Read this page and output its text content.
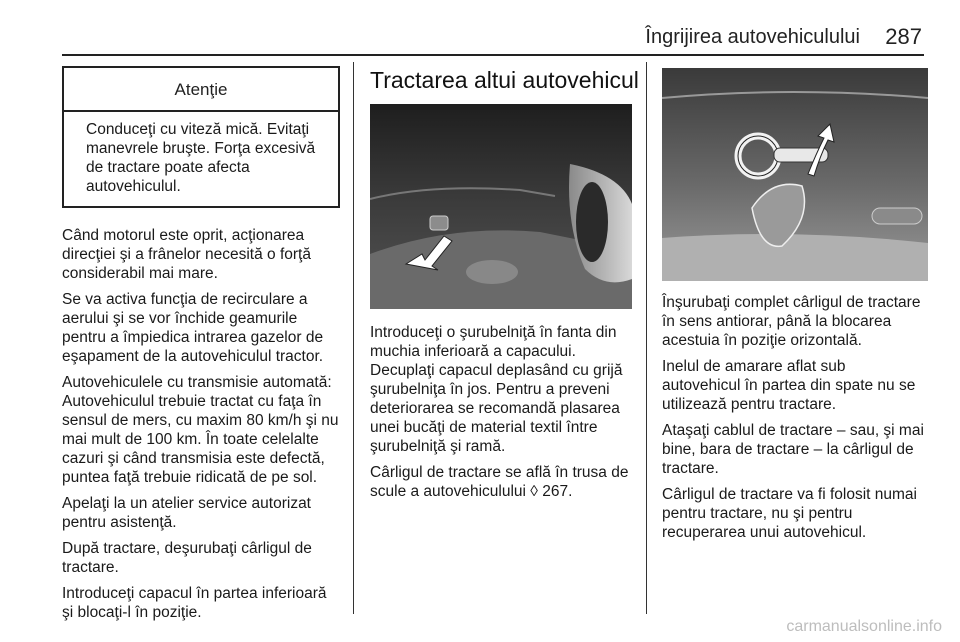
Îngrijirea autovehiculului 287
Atenţie
Conduceţi cu viteză mică. Evitaţi manevrele bruşte. Forţa excesivă de tractare poate afecta autovehiculul.

Când motorul este oprit, acţionarea direcţiei şi a frânelor necesită o forţă considerabil mai mare.

Se va activa funcţia de recirculare a aerului şi se vor închide geamurile pentru a împiedica intrarea gazelor de eşapament de la autovehiculul tractor.

Autovehiculele cu transmisie automată: Autovehiculul trebuie tractat cu faţa în sensul de mers, cu maxim 80 km/h şi nu mai mult de 100 km. În toate celelalte cazuri şi când transmisia este defectă, puntea faţă trebuie ridicată de pe sol.

Apelaţi la un atelier service autorizat pentru asistenţă.

După tractare, deşurubaţi cârligul de tractare.

Introduceţi capacul în partea inferioară şi blocaţi-l în poziţie.

Tractarea altui autovehicul

Introduceţi o şurubelniţă în fanta din muchia inferioară a capacului. Decuplaţi capacul deplasând cu grijă şurubelniţa în jos. Pentru a preveni deteriorarea se recomandă plasarea unei bucăţi de material textil între şurubelniţă şi ramă.

Cârligul de tractare se află în trusa de scule a autovehiculului ◊ 267.

Înşurubaţi complet cârligul de tractare în sens antiorar, până la blocarea acestuia în poziţie orizontală.

Inelul de amarare aflat sub autovehicul în partea din spate nu se utilizează pentru tractare.

Ataşaţi cablul de tractare – sau, şi mai bine, bara de tractare – la cârligul de tractare.

Cârligul de tractare va fi folosit numai pentru tractare, nu şi pentru recuperarea unui autovehicul.

carmanualsonline.info
